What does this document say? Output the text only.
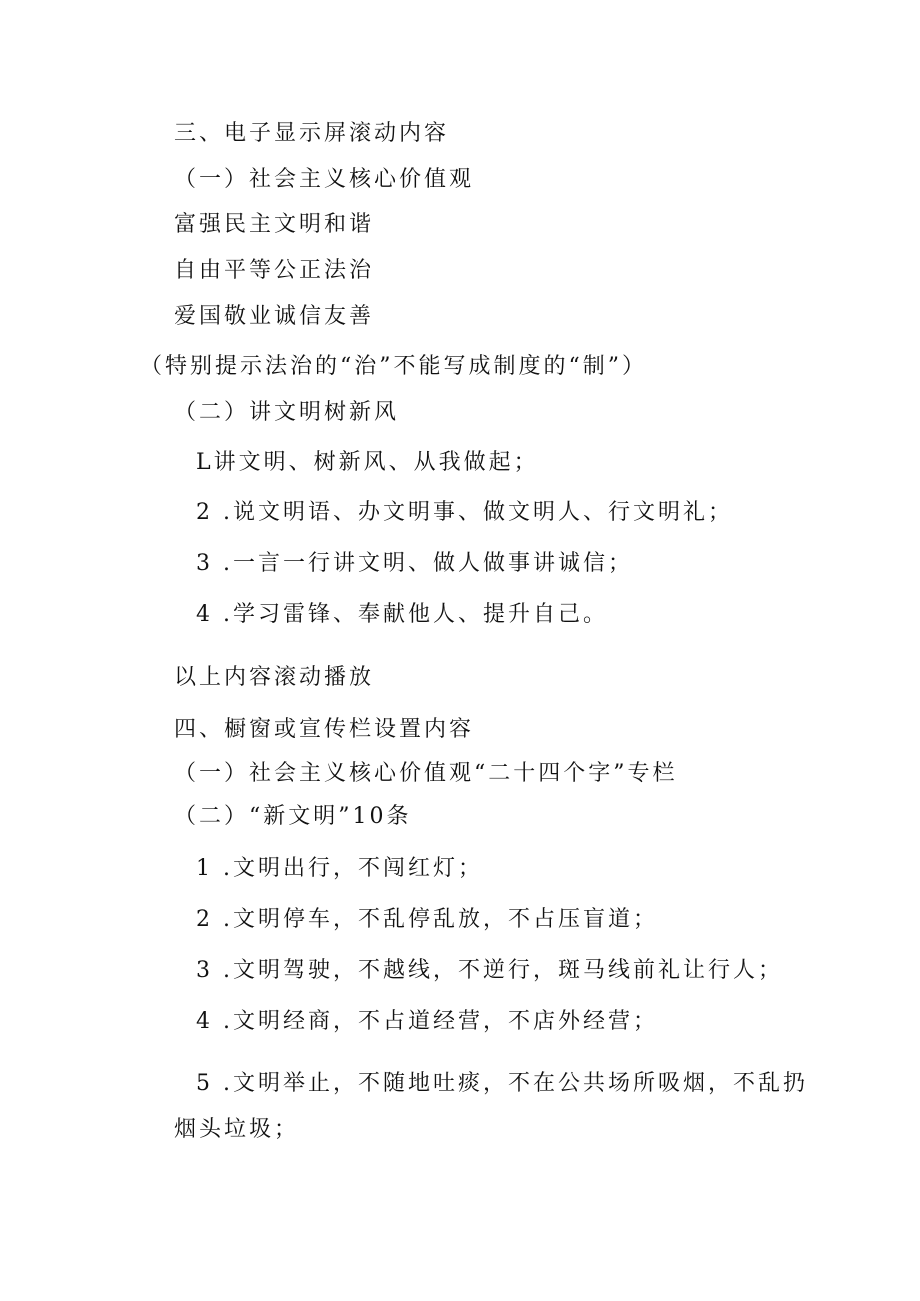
三、电子显示屏滚动内容
（一）社会主义核心价值观
富强民主文明和谐
自由平等公正法治
爱国敬业诚信友善
（特别提示法治的“治”不能写成制度的“制”）
（二）讲文明树新风
L讲文明、树新风、从我做起；
2 .说文明语、办文明事、做文明人、行文明礼；
3 .一言一行讲文明、做人做事讲诚信；
4 .学习雷锋、奉献他人、提升自己。
以上内容滚动播放
四、橱窗或宣传栏设置内容
（一）社会主义核心价值观“二十四个字”专栏
（二）“新文明”10条
1 .文明出行，不闯红灯；
2 .文明停车，不乱停乱放，不占压盲道；
3 .文明驾驶，不越线，不逆行，斑马线前礼让行人；
4 .文明经商，不占道经营，不店外经营；
5 .文明举止，不随地吐痰，不在公共场所吸烟，不乱扔
烟头垃圾；
